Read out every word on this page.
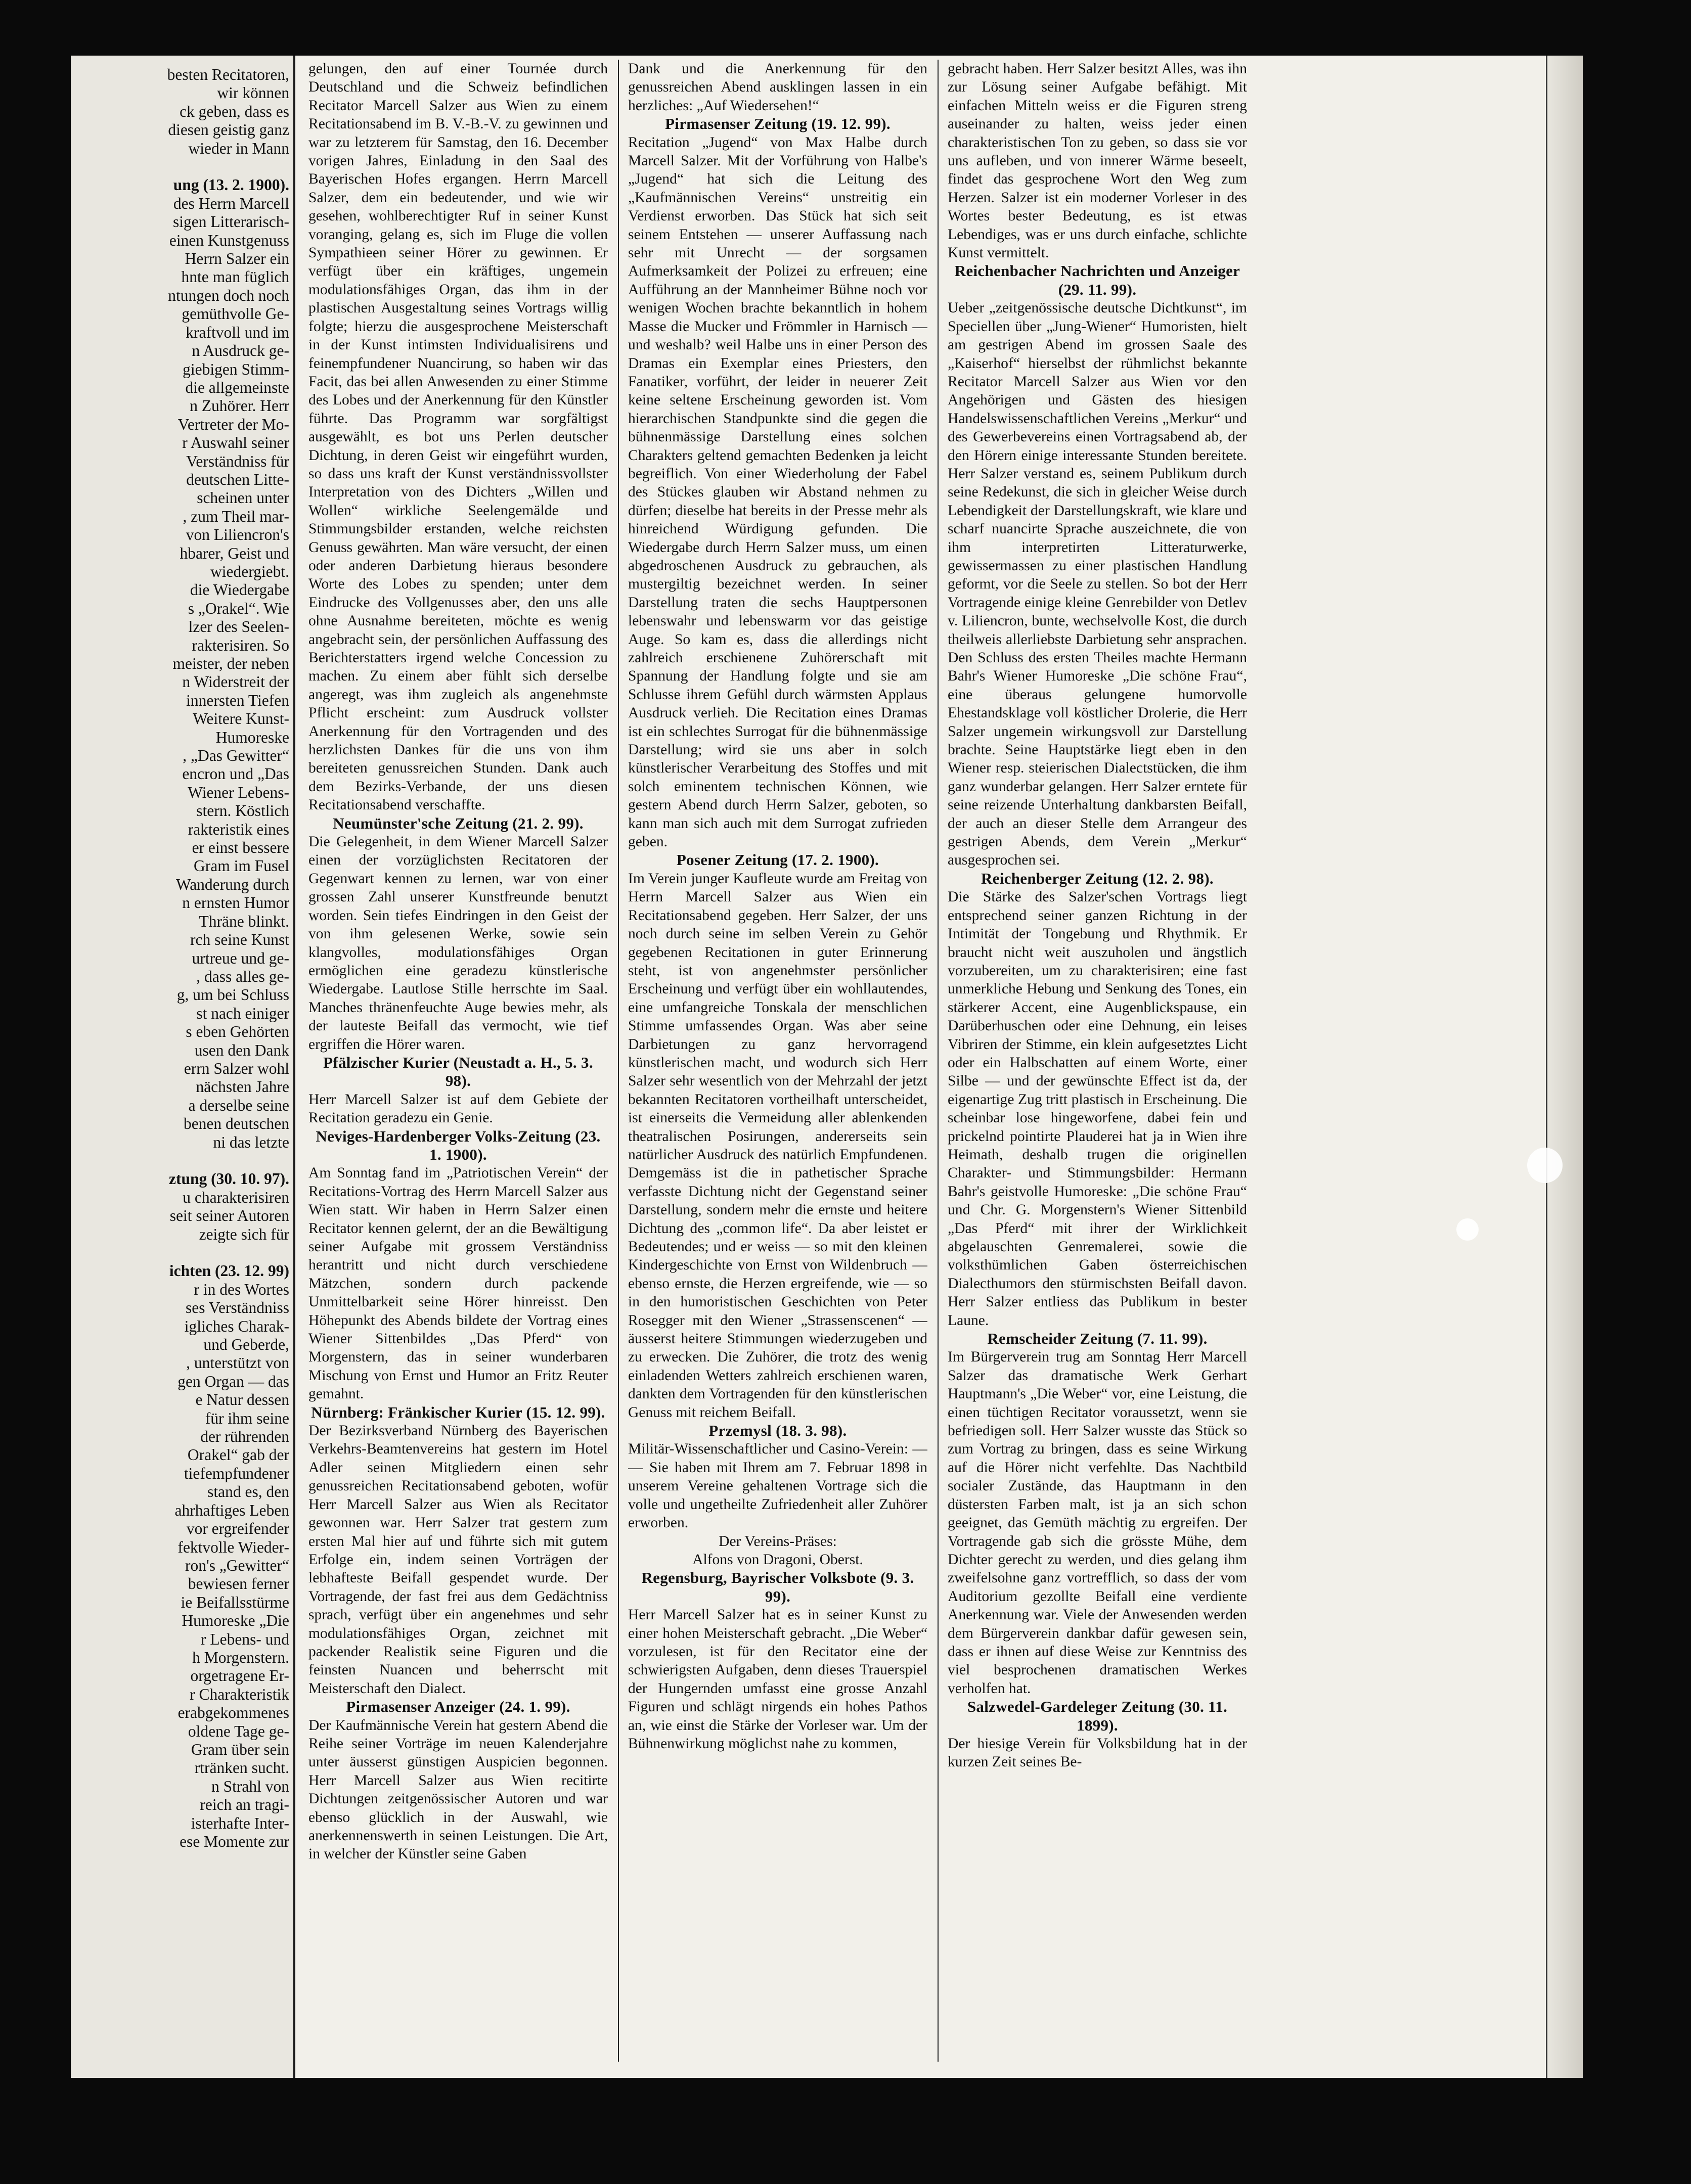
besten Recitatoren,

wir können

ck geben, dass es

diesen geistig ganz

wieder in Mann

ung (13. 2. 1900).

des Herrn Marcell

sigen Litterarisch-

einen Kunstgenuss

Herrn Salzer ein

hnte man füglich

ntungen doch noch

gemüthvolle Ge-

kraftvoll und im

n Ausdruck ge-

giebigen Stimm-

die allgemeinste

n Zuhörer. Herr

Vertreter der Mo-

r Auswahl seiner

Verständniss für

deutschen Litte-

scheinen unter

, zum Theil mar-

von Liliencron's

hbarer, Geist und

wiedergiebt.

die Wiedergabe

s „Orakel“. Wie

lzer des Seelen-

rakterisiren. So

meister, der neben

n Widerstreit der

innersten Tiefen

Weitere Kunst-

Humoreske

, „Das Gewitter“

encron und „Das

Wiener Lebens-

stern. Köstlich

rakteristik eines

er einst bessere

Gram im Fusel

Wanderung durch

n ernsten Humor

Thräne blinkt.

rch seine Kunst

urtreue und ge-

, dass alles ge-

g, um bei Schluss

st nach einiger

s eben Gehörten

usen den Dank

errn Salzer wohl

nächsten Jahre

a derselbe seine

benen deutschen

ni das letzte

ztung (30. 10. 97).

u charakterisiren

seit seiner Autoren

zeigte sich für

ichten (23. 12. 99)

r in des Wortes

ses Verständniss

igliches Charak-

und Geberde,

, unterstützt von

gen Organ — das

e Natur dessen

für ihm seine

der rührenden

Orakel“ gab der

tiefempfundener

stand es, den

ahrhaftiges Leben

vor ergreifender

fektvolle Wieder-

ron's „Gewitter“

bewiesen ferner

ie Beifallsstürme

Humoreske „Die

r Lebens- und

h Morgenstern.

orgetragene Er-

r Charakteristik

erabgekommenes

oldene Tage ge-

Gram über sein

rtränken sucht.

n Strahl von

reich an tragi-

isterhafte Inter-

ese Momente zur

gelungen, den auf einer Tournée durch Deutschland und die Schweiz befindlichen Recitator Marcell Salzer aus Wien zu einem Recitationsabend im B. V.-B.-V. zu gewinnen und war zu letzterem für Samstag, den 16. December vorigen Jahres, Einladung in den Saal des Bayerischen Hofes ergangen. Herrn Marcell Salzer, dem ein bedeutender, und wie wir gesehen, wohlberechtigter Ruf in seiner Kunst voranging, gelang es, sich im Fluge die vollen Sympathieen seiner Hörer zu gewinnen. Er verfügt über ein kräftiges, ungemein modulationsfähiges Organ, das ihm in der plastischen Ausgestaltung seines Vortrags willig folgte; hierzu die ausgesprochene Meisterschaft in der Kunst intimsten Individualisirens und feinempfundener Nuancirung, so haben wir das Facit, das bei allen Anwesenden zu einer Stimme des Lobes und der Anerkennung für den Künstler führte. Das Programm war sorgfältigst ausgewählt, es bot uns Perlen deutscher Dichtung, in deren Geist wir eingeführt wurden, so dass uns kraft der Kunst verständnissvollster Interpretation von des Dichters „Willen und Wollen“ wirkliche Seelengemälde und Stimmungsbilder erstanden, welche reichsten Genuss gewährten. Man wäre versucht, der einen oder anderen Darbietung hieraus besondere Worte des Lobes zu spenden; unter dem Eindrucke des Vollgenusses aber, den uns alle ohne Ausnahme bereiteten, möchte es wenig angebracht sein, der persönlichen Auffassung des Berichterstatters irgend welche Concession zu machen. Zu einem aber fühlt sich derselbe angeregt, was ihm zugleich als angenehmste Pflicht erscheint: zum Ausdruck vollster Anerkennung für den Vortragenden und des herzlichsten Dankes für die uns von ihm bereiteten genussreichen Stunden. Dank auch dem Bezirks-Verbande, der uns diesen Recitationsabend verschaffte.

Neumünster'sche Zeitung (21. 2. 99).

Die Gelegenheit, in dem Wiener Marcell Salzer einen der vorzüglichsten Recitatoren der Gegenwart kennen zu lernen, war von einer grossen Zahl unserer Kunstfreunde benutzt worden. Sein tiefes Eindringen in den Geist der von ihm gelesenen Werke, sowie sein klangvolles, modulationsfähiges Organ ermöglichen eine geradezu künstlerische Wiedergabe. Lautlose Stille herrschte im Saal. Manches thränenfeuchte Auge bewies mehr, als der lauteste Beifall das vermocht, wie tief ergriffen die Hörer waren.

Pfälzischer Kurier (Neustadt a. H., 5. 3. 98).

Herr Marcell Salzer ist auf dem Gebiete der Recitation geradezu ein Genie.

Neviges-Hardenberger Volks-Zeitung (23. 1. 1900).

Am Sonntag fand im „Patriotischen Verein“ der Recitations-Vortrag des Herrn Marcell Salzer aus Wien statt. Wir haben in Herrn Salzer einen Recitator kennen gelernt, der an die Bewältigung seiner Aufgabe mit grossem Verständniss herantritt und nicht durch verschiedene Mätzchen, sondern durch packende Unmittelbarkeit seine Hörer hinreisst. Den Höhepunkt des Abends bildete der Vortrag eines Wiener Sittenbildes „Das Pferd“ von Morgenstern, das in seiner wunderbaren Mischung von Ernst und Humor an Fritz Reuter gemahnt.

Nürnberg: Fränkischer Kurier (15. 12. 99).

Der Bezirksverband Nürnberg des Bayerischen Verkehrs-Beamtenvereins hat gestern im Hotel Adler seinen Mitgliedern einen sehr genussreichen Recitationsabend geboten, wofür Herr Marcell Salzer aus Wien als Recitator gewonnen war. Herr Salzer trat gestern zum ersten Mal hier auf und führte sich mit gutem Erfolge ein, indem seinen Vorträgen der lebhafteste Beifall gespendet wurde. Der Vortragende, der fast frei aus dem Gedächtniss sprach, verfügt über ein angenehmes und sehr modulationsfähiges Organ, zeichnet mit packender Realistik seine Figuren und die feinsten Nuancen und beherrscht mit Meisterschaft den Dialect.

Pirmasenser Anzeiger (24. 1. 99).

Der Kaufmännische Verein hat gestern Abend die Reihe seiner Vorträge im neuen Kalenderjahre unter äusserst günstigen Auspicien begonnen. Herr Marcell Salzer aus Wien recitirte Dichtungen zeitgenössischer Autoren und war ebenso glücklich in der Auswahl, wie anerkennenswerth in seinen Leistungen. Die Art, in welcher der Künstler seine Gaben

Dank und die Anerkennung für den genussreichen Abend ausklingen lassen in ein herzliches: „Auf Wiedersehen!“

Pirmasenser Zeitung (19. 12. 99).

Recitation „Jugend“ von Max Halbe durch Marcell Salzer. Mit der Vorführung von Halbe's „Jugend“ hat sich die Leitung des „Kaufmännischen Vereins“ unstreitig ein Verdienst erworben. Das Stück hat sich seit seinem Entstehen — unserer Auffassung nach sehr mit Unrecht — der sorgsamen Aufmerksamkeit der Polizei zu erfreuen; eine Aufführung an der Mannheimer Bühne noch vor wenigen Wochen brachte bekanntlich in hohem Masse die Mucker und Frömmler in Harnisch — und weshalb? weil Halbe uns in einer Person des Dramas ein Exemplar eines Priesters, den Fanatiker, vorführt, der leider in neuerer Zeit keine seltene Erscheinung geworden ist. Vom hierarchischen Standpunkte sind die gegen die bühnenmässige Darstellung eines solchen Charakters geltend gemachten Bedenken ja leicht begreiflich. Von einer Wiederholung der Fabel des Stückes glauben wir Abstand nehmen zu dürfen; dieselbe hat bereits in der Presse mehr als hinreichend Würdigung gefunden. Die Wiedergabe durch Herrn Salzer muss, um einen abgedroschenen Ausdruck zu gebrauchen, als mustergiltig bezeichnet werden. In seiner Darstellung traten die sechs Hauptpersonen lebenswahr und lebenswarm vor das geistige Auge. So kam es, dass die allerdings nicht zahlreich erschienene Zuhörerschaft mit Spannung der Handlung folgte und sie am Schlusse ihrem Gefühl durch wärmsten Applaus Ausdruck verlieh. Die Recitation eines Dramas ist ein schlechtes Surrogat für die bühnenmässige Darstellung; wird sie uns aber in solch künstlerischer Verarbeitung des Stoffes und mit solch eminentem technischen Können, wie gestern Abend durch Herrn Salzer, geboten, so kann man sich auch mit dem Surrogat zufrieden geben.

Posener Zeitung (17. 2. 1900).

Im Verein junger Kaufleute wurde am Freitag von Herrn Marcell Salzer aus Wien ein Recitationsabend gegeben. Herr Salzer, der uns noch durch seine im selben Verein zu Gehör gegebenen Recitationen in guter Erinnerung steht, ist von angenehmster persönlicher Erscheinung und verfügt über ein wohllautendes, eine umfangreiche Tonskala der menschlichen Stimme umfassendes Organ. Was aber seine Darbietungen zu ganz hervorragend künstlerischen macht, und wodurch sich Herr Salzer sehr wesentlich von der Mehrzahl der jetzt bekannten Recitatoren vortheilhaft unterscheidet, ist einerseits die Vermeidung aller ablenkenden theatralischen Posirungen, andererseits sein natürlicher Ausdruck des natürlich Empfundenen. Demgemäss ist die in pathetischer Sprache verfasste Dichtung nicht der Gegenstand seiner Darstellung, sondern mehr die ernste und heitere Dichtung des „common life“. Da aber leistet er Bedeutendes; und er weiss — so mit den kleinen Kindergeschichte von Ernst von Wildenbruch — ebenso ernste, die Herzen ergreifende, wie — so in den humoristischen Geschichten von Peter Rosegger mit den Wiener „Strassenscenen“ — äusserst heitere Stimmungen wiederzugeben und zu erwecken. Die Zuhörer, die trotz des wenig einladenden Wetters zahlreich erschienen waren, dankten dem Vortragenden für den künstlerischen Genuss mit reichem Beifall.

Przemysl (18. 3. 98).

Militär-Wissenschaftlicher und Casino-Verein: — — Sie haben mit Ihrem am 7. Februar 1898 in unserem Vereine gehaltenen Vortrage sich die volle und ungetheilte Zufriedenheit aller Zuhörer erworben.

Der Vereins-Präses:

Alfons von Dragoni, Oberst.

Regensburg, Bayrischer Volksbote (9. 3. 99).

Herr Marcell Salzer hat es in seiner Kunst zu einer hohen Meisterschaft gebracht. „Die Weber“ vorzulesen, ist für den Recitator eine der schwierigsten Aufgaben, denn dieses Trauerspiel der Hungernden umfasst eine grosse Anzahl Figuren und schlägt nirgends ein hohes Pathos an, wie einst die Stärke der Vorleser war. Um der Bühnenwirkung möglichst nahe zu kommen,

gebracht haben. Herr Salzer besitzt Alles, was ihn zur Lösung seiner Aufgabe befähigt. Mit einfachen Mitteln weiss er die Figuren streng auseinander zu halten, weiss jeder einen charakteristischen Ton zu geben, so dass sie vor uns aufleben, und von innerer Wärme beseelt, findet das gesprochene Wort den Weg zum Herzen. Salzer ist ein moderner Vorleser in des Wortes bester Bedeutung, es ist etwas Lebendiges, was er uns durch einfache, schlichte Kunst vermittelt.

Reichenbacher Nachrichten und Anzeiger (29. 11. 99).

Ueber „zeitgenössische deutsche Dichtkunst“, im Speciellen über „Jung-Wiener“ Humoristen, hielt am gestrigen Abend im grossen Saale des „Kaiserhof“ hierselbst der rühmlichst bekannte Recitator Marcell Salzer aus Wien vor den Angehörigen und Gästen des hiesigen Handelswissenschaftlichen Vereins „Merkur“ und des Gewerbevereins einen Vortragsabend ab, der den Hörern einige interessante Stunden bereitete. Herr Salzer verstand es, seinem Publikum durch seine Redekunst, die sich in gleicher Weise durch Lebendigkeit der Darstellungskraft, wie klare und scharf nuancirte Sprache auszeichnete, die von ihm interpretirten Litteraturwerke, gewissermassen zu einer plastischen Handlung geformt, vor die Seele zu stellen. So bot der Herr Vortragende einige kleine Genrebilder von Detlev v. Liliencron, bunte, wechselvolle Kost, die durch theilweis allerliebste Darbietung sehr ansprachen. Den Schluss des ersten Theiles machte Hermann Bahr's Wiener Humoreske „Die schöne Frau“, eine überaus gelungene humorvolle Ehestandsklage voll köstlicher Drolerie, die Herr Salzer ungemein wirkungsvoll zur Darstellung brachte. Seine Hauptstärke liegt eben in den Wiener resp. steierischen Dialectstücken, die ihm ganz wunderbar gelangen. Herr Salzer erntete für seine reizende Unterhaltung dankbarsten Beifall, der auch an dieser Stelle dem Arrangeur des gestrigen Abends, dem Verein „Merkur“ ausgesprochen sei.

Reichenberger Zeitung (12. 2. 98).

Die Stärke des Salzer'schen Vortrags liegt entsprechend seiner ganzen Richtung in der Intimität der Tongebung und Rhythmik. Er braucht nicht weit auszuholen und ängstlich vorzubereiten, um zu charakterisiren; eine fast unmerkliche Hebung und Senkung des Tones, ein stärkerer Accent, eine Augenblickspause, ein Darüberhuschen oder eine Dehnung, ein leises Vibriren der Stimme, ein klein aufgesetztes Licht oder ein Halbschatten auf einem Worte, einer Silbe — und der gewünschte Effect ist da, der eigenartige Zug tritt plastisch in Erscheinung. Die scheinbar lose hingeworfene, dabei fein und prickelnd pointirte Plauderei hat ja in Wien ihre Heimath, deshalb trugen die originellen Charakter- und Stimmungsbilder: Hermann Bahr's geistvolle Humoreske: „Die schöne Frau“ und Chr. G. Morgenstern's Wiener Sittenbild „Das Pferd“ mit ihrer der Wirklichkeit abgelauschten Genremalerei, sowie die volksthümlichen Gaben österreichischen Dialecthumors den stürmischsten Beifall davon. Herr Salzer entliess das Publikum in bester Laune.

Remscheider Zeitung (7. 11. 99).

Im Bürgerverein trug am Sonntag Herr Marcell Salzer das dramatische Werk Gerhart Hauptmann's „Die Weber“ vor, eine Leistung, die einen tüchtigen Recitator voraussetzt, wenn sie befriedigen soll. Herr Salzer wusste das Stück so zum Vortrag zu bringen, dass es seine Wirkung auf die Hörer nicht verfehlte. Das Nachtbild socialer Zustände, das Hauptmann in den düstersten Farben malt, ist ja an sich schon geeignet, das Gemüth mächtig zu ergreifen. Der Vortragende gab sich die grösste Mühe, dem Dichter gerecht zu werden, und dies gelang ihm zweifelsohne ganz vortrefflich, so dass der vom Auditorium gezollte Beifall eine verdiente Anerkennung war. Viele der Anwesenden werden dem Bürgerverein dankbar dafür gewesen sein, dass er ihnen auf diese Weise zur Kenntniss des viel besprochenen dramatischen Werkes verholfen hat.

Salzwedel-Gardeleger Zeitung (30. 11. 1899).

Der hiesige Verein für Volksbildung hat in der kurzen Zeit seines Be-
